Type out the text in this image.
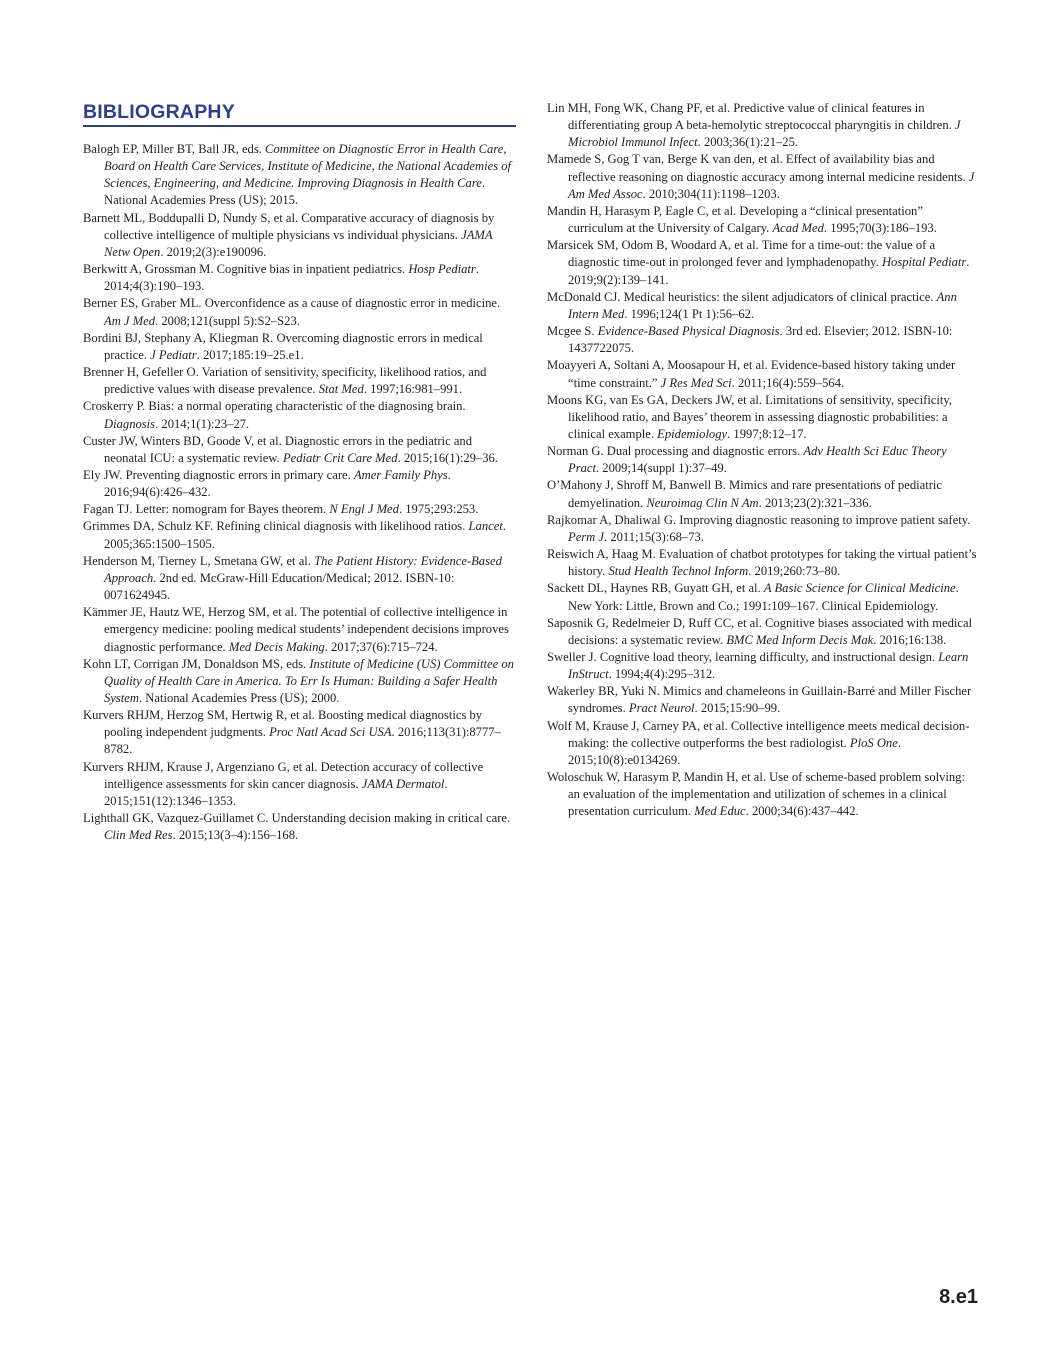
BIBLIOGRAPHY

Balogh EP, Miller BT, Ball JR, eds. Committee on Diagnostic Error in Health Care, Board on Health Care Services, Institute of Medicine, the National Academies of Sciences, Engineering, and Medicine. Improving Diagnosis in Health Care. National Academies Press (US); 2015.

Barnett ML, Boddupalli D, Nundy S, et al. Comparative accuracy of diagnosis by collective intelligence of multiple physicians vs individual physicians. JAMA Netw Open. 2019;2(3):e190096.

Berkwitt A, Grossman M. Cognitive bias in inpatient pediatrics. Hosp Pediatr. 2014;4(3):190–193.

Berner ES, Graber ML. Overconfidence as a cause of diagnostic error in medicine. Am J Med. 2008;121(suppl 5):S2–S23.

Bordini BJ, Stephany A, Kliegman R. Overcoming diagnostic errors in medical practice. J Pediatr. 2017;185:19–25.e1.

Brenner H, Gefeller O. Variation of sensitivity, specificity, likelihood ratios, and predictive values with disease prevalence. Stat Med. 1997;16:981–991.

Croskerry P. Bias: a normal operating characteristic of the diagnosing brain. Diagnosis. 2014;1(1):23–27.

Custer JW, Winters BD, Goode V, et al. Diagnostic errors in the pediatric and neonatal ICU: a systematic review. Pediatr Crit Care Med. 2015;16(1):29–36.

Ely JW. Preventing diagnostic errors in primary care. Amer Family Phys. 2016;94(6):426–432.

Fagan TJ. Letter: nomogram for Bayes theorem. N Engl J Med. 1975;293:253.

Grimmes DA, Schulz KF. Refining clinical diagnosis with likelihood ratios. Lancet. 2005;365:1500–1505.

Henderson M, Tierney L, Smetana GW, et al. The Patient History: Evidence-Based Approach. 2nd ed. McGraw-Hill Education/Medical; 2012. ISBN-10: 0071624945.

Kämmer JE, Hautz WE, Herzog SM, et al. The potential of collective intelligence in emergency medicine: pooling medical students’ independent decisions improves diagnostic performance. Med Decis Making. 2017;37(6):715–724.

Kohn LT, Corrigan JM, Donaldson MS, eds. Institute of Medicine (US) Committee on Quality of Health Care in America. To Err Is Human: Building a Safer Health System. National Academies Press (US); 2000.

Kurvers RHJM, Herzog SM, Hertwig R, et al. Boosting medical diagnostics by pooling independent judgments. Proc Natl Acad Sci USA. 2016;113(31):8777–8782.

Kurvers RHJM, Krause J, Argenziano G, et al. Detection accuracy of collective intelligence assessments for skin cancer diagnosis. JAMA Dermatol. 2015;151(12):1346–1353.

Lighthall GK, Vazquez-Guillamet C. Understanding decision making in critical care. Clin Med Res. 2015;13(3–4):156–168.

Lin MH, Fong WK, Chang PF, et al. Predictive value of clinical features in differentiating group A beta-hemolytic streptococcal pharyngitis in children. J Microbiol Immunol Infect. 2003;36(1):21–25.

Mamede S, Gog T van, Berge K van den, et al. Effect of availability bias and reflective reasoning on diagnostic accuracy among internal medicine residents. J Am Med Assoc. 2010;304(11):1198–1203.

Mandin H, Harasym P, Eagle C, et al. Developing a “clinical presentation” curriculum at the University of Calgary. Acad Med. 1995;70(3):186–193.

Marsicek SM, Odom B, Woodard A, et al. Time for a time-out: the value of a diagnostic time-out in prolonged fever and lymphadenopathy. Hospital Pediatr. 2019;9(2):139–141.

McDonald CJ. Medical heuristics: the silent adjudicators of clinical practice. Ann Intern Med. 1996;124(1 Pt 1):56–62.

Mcgee S. Evidence-Based Physical Diagnosis. 3rd ed. Elsevier; 2012. ISBN-10: 1437722075.

Moayyeri A, Soltani A, Moosapour H, et al. Evidence-based history taking under “time constraint.” J Res Med Sci. 2011;16(4):559–564.

Moons KG, van Es GA, Deckers JW, et al. Limitations of sensitivity, specificity, likelihood ratio, and Bayes’ theorem in assessing diagnostic probabilities: a clinical example. Epidemiology. 1997;8:12–17.

Norman G. Dual processing and diagnostic errors. Adv Health Sci Educ Theory Pract. 2009;14(suppl 1):37–49.

O’Mahony J, Shroff M, Banwell B. Mimics and rare presentations of pediatric demyelination. Neuroimag Clin N Am. 2013;23(2):321–336.

Rajkomar A, Dhaliwal G. Improving diagnostic reasoning to improve patient safety. Perm J. 2011;15(3):68–73.

Reiswich A, Haag M. Evaluation of chatbot prototypes for taking the virtual patient’s history. Stud Health Technol Inform. 2019;260:73–80.

Sackett DL, Haynes RB, Guyatt GH, et al. A Basic Science for Clinical Medicine. New York: Little, Brown and Co.; 1991:109–167. Clinical Epidemiology.

Saposnik G, Redelmeier D, Ruff CC, et al. Cognitive biases associated with medical decisions: a systematic review. BMC Med Inform Decis Mak. 2016;16:138.

Sweller J. Cognitive load theory, learning difficulty, and instructional design. Learn InStruct. 1994;4(4):295–312.

Wakerley BR, Yuki N. Mimics and chameleons in Guillain-Barré and Miller Fischer syndromes. Pract Neurol. 2015;15:90–99.

Wolf M, Krause J, Carney PA, et al. Collective intelligence meets medical decision-making: the collective outperforms the best radiologist. PloS One. 2015;10(8):e0134269.

Woloschuk W, Harasym P, Mandin H, et al. Use of scheme-based problem solving: an evaluation of the implementation and utilization of schemes in a clinical presentation curriculum. Med Educ. 2000;34(6):437–442.

8.e1
